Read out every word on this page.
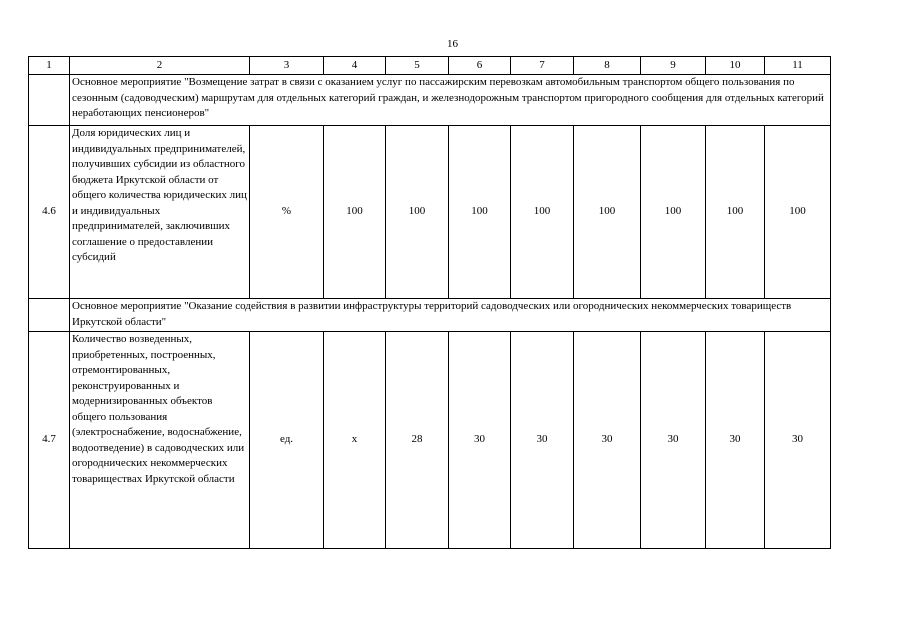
16
1	2	3	4	5	6	7	8	9	10	11
	Основное мероприятие "Возмещение затрат в связи с оказанием услуг по пассажирским перевозкам автомобильным транспортом общего пользования по сезонным (садоводческим) маршрутам для отдельных категорий граждан, и железнодорожным транспортом пригородного сообщения для отдельных категорий неработающих пенсионеров"									
4.6	Доля юридических лиц и индивидуальных предпринимателей, получивших субсидии из областного бюджета Иркутской области от общего количества юридических лиц и индивидуальных предпринимателей, заключивших соглашение о предоставлении субсидий	%	100	100	100	100	100	100	100	100
	Основное мероприятие "Оказание содействия в развитии инфраструктуры территорий садоводческих или огороднических некоммерческих товариществ Иркутской области"									
4.7	Количество возведенных, приобретенных, построенных, отремонтированных, реконструированных и модернизированных объектов общего пользования (электроснабжение, водоснабжение, водоотведение) в садоводческих или огороднических некоммерческих товариществах Иркутской области	ед.	х	28	30	30	30	30	30	30
